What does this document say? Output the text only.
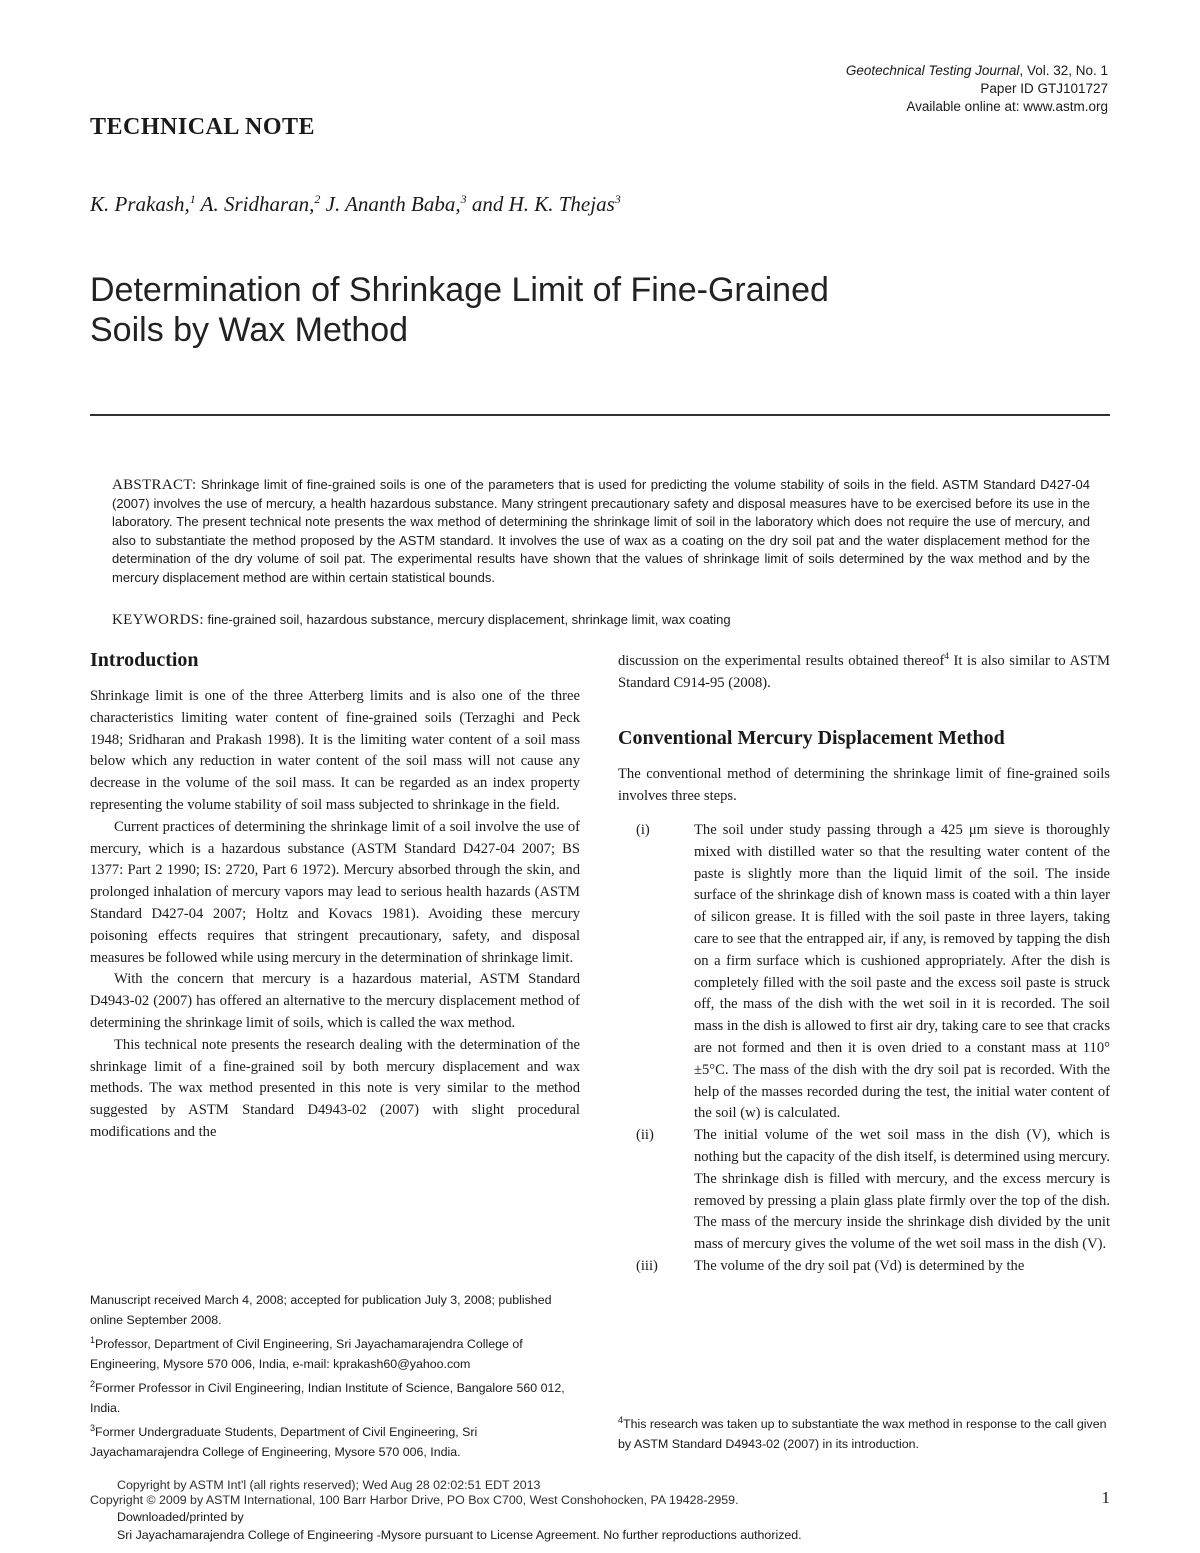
Geotechnical Testing Journal, Vol. 32, No. 1
Paper ID GTJ101727
Available online at: www.astm.org
TECHNICAL NOTE
K. Prakash,$^1$ A. Sridharan,$^2$ J. Ananth Baba,$^3$ and H. K. Thejas$^3$
Determination of Shrinkage Limit of Fine-Grained
Soils by Wax Method
ABSTRACT: Shrinkage limit of fine-grained soils is one of the parameters that is used for predicting the volume stability of soils in the field. ASTM Standard D427-04 (2007) involves the use of mercury, a health hazardous substance. Many stringent precautionary safety and disposal measures have to be exercised before its use in the laboratory. The present technical note presents the wax method of determining the shrinkage limit of soil in the laboratory which does not require the use of mercury, and also to substantiate the method proposed by the ASTM standard. It involves the use of wax as a coating on the dry soil pat and the water displacement method for the determination of the dry volume of soil pat. The experimental results have shown that the values of shrinkage limit of soils determined by the wax method and by the mercury displacement method are within certain statistical bounds.
KEYWORDS: fine-grained soil, hazardous substance, mercury displacement, shrinkage limit, wax coating
Introduction

Shrinkage limit is one of the three Atterberg limits and is also one of the three characteristics limiting water content of fine-grained soils (Terzaghi and Peck 1948; Sridharan and Prakash 1998). It is the limiting water content of a soil mass below which any reduction in water content of the soil mass will not cause any decrease in the volume of the soil mass. It can be regarded as an index property representing the volume stability of soil mass subjected to shrinkage in the field.

Current practices of determining the shrinkage limit of a soil involve the use of mercury, which is a hazardous substance (ASTM Standard D427-04 2007; BS 1377: Part 2 1990; IS: 2720, Part 6 1972). Mercury absorbed through the skin, and prolonged inhalation of mercury vapors may lead to serious health hazards (ASTM Standard D427-04 2007; Holtz and Kovacs 1981). Avoiding these mercury poisoning effects requires that stringent precautionary, safety, and disposal measures be followed while using mercury in the determination of shrinkage limit.

With the concern that mercury is a hazardous material, ASTM Standard D4943-02 (2007) has offered an alternative to the mercury displacement method of determining the shrinkage limit of soils, which is called the wax method.

This technical note presents the research dealing with the determination of the shrinkage limit of a fine-grained soil by both mercury displacement and wax methods. The wax method presented in this note is very similar to the method suggested by ASTM Standard D4943-02 (2007) with slight procedural modifications and the

discussion on the experimental results obtained thereof$^4$ It is also similar to ASTM Standard C914-95 (2008).

Conventional Mercury Displacement Method

The conventional method of determining the shrinkage limit of fine-grained soils involves three steps.

(i)	The soil under study passing through a 425 μm sieve is thoroughly mixed with distilled water so that the resulting water content of the paste is slightly more than the liquid limit of the soil. The inside surface of the shrinkage dish of known mass is coated with a thin layer of silicon grease. It is filled with the soil paste in three layers, taking care to see that the entrapped air, if any, is removed by tapping the dish on a firm surface which is cushioned appropriately. After the dish is completely filled with the soil paste and the excess soil paste is struck off, the mass of the dish with the wet soil in it is recorded. The soil mass in the dish is allowed to first air dry, taking care to see that cracks are not formed and then it is oven dried to a constant mass at 110°±5°C. The mass of the dish with the dry soil pat is recorded. With the help of the masses recorded during the test, the initial water content of the soil (w) is calculated.
(ii)	The initial volume of the wet soil mass in the dish (V), which is nothing but the capacity of the dish itself, is determined using mercury. The shrinkage dish is filled with mercury, and the excess mercury is removed by pressing a plain glass plate firmly over the top of the dish. The mass of the mercury inside the shrinkage dish divided by the unit mass of mercury gives the volume of the wet soil mass in the dish (V).
(iii)	The volume of the dry soil pat (Vd) is determined by the

Manuscript received March 4, 2008; accepted for publication July 3, 2008; published online September 2008.

$^1$Professor, Department of Civil Engineering, Sri Jayachamarajendra College of Engineering, Mysore 570 006, India, e-mail: kprakash60@yahoo.com

$^2$Former Professor in Civil Engineering, Indian Institute of Science, Bangalore 560 012, India.

$^3$Former Undergraduate Students, Department of Civil Engineering, Sri Jayachamarajendra College of Engineering, Mysore 570 006, India.

$^4$This research was taken up to substantiate the wax method in response to the call given by ASTM Standard D4943-02 (2007) in its introduction.
Copyright by ASTM Int'l (all rights reserved); Wed Aug 28 02:02:51 EDT 2013
Copyright © 2009 by ASTM International, 100 Barr Harbor Drive, PO Box C700, West Conshohocken, PA 19428-2959.
Downloaded/printed by
Sri Jayachamarajendra College of Engineering -Mysore pursuant to License Agreement. No further reproductions authorized.
1
